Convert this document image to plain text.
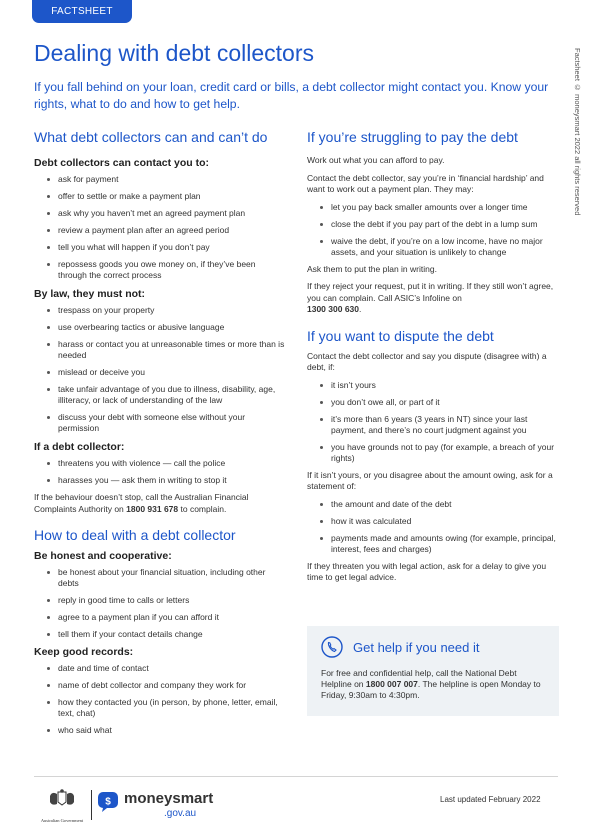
FACTSHEET
Factsheet © moneysmart 2022 all rights reserved
Dealing with debt collectors

If you fall behind on your loan, credit card or bills, a debt collector might contact you. Know your rights, what to do and how to get help.

What debt collectors can and can’t do
Debt collectors can contact you to:
ask for payment
offer to settle or make a payment plan
ask why you haven’t met an agreed payment plan
review a payment plan after an agreed period
tell you what will happen if you don’t pay
repossess goods you owe money on, if they’ve been through the correct process
By law, they must not:
trespass on your property
use overbearing tactics or abusive language
harass or contact you at unreasonable times or more than is needed
mislead or deceive you
take unfair advantage of you due to illness, disability, age, illiteracy, or lack of understanding of the law
discuss your debt with someone else without your permission
If a debt collector:
threatens you with violence — call the police
harasses you — ask them in writing to stop it

If the behaviour doesn’t stop, call the Australian Financial Complaints Authority on 1800 931 678 to complain.

How to deal with a debt collector
Be honest and cooperative:
be honest about your financial situation, including other debts
reply in good time to calls or letters
agree to a payment plan if you can afford it
tell them if your contact details change
Keep good records:
date and time of contact
name of debt collector and company they work for
how they contacted you (in person, by phone, letter, email, text, chat)
who said what
If you’re struggling to pay the debt

Work out what you can afford to pay.

Contact the debt collector, say you’re in ‘financial hardship’ and want to work out a payment plan. They may:

let you pay back smaller amounts over a longer time
close the debt if you pay part of the debt in a lump sum
waive the debt, if you’re on a low income, have no major assets, and your situation is unlikely to change

Ask them to put the plan in writing.

If they reject your request, put it in writing. If they still won’t agree, you can complain. Call ASIC’s Infoline on
1300 300 630.

If you want to dispute the debt

Contact the debt collector and say you dispute (disagree with) a debt, if:

it isn’t yours
you don’t owe all, or part of it
it’s more than 6 years (3 years in NT) since your last payment, and there’s no court judgment against you
you have grounds not to pay (for example, a breach of your rights)

If it isn’t yours, or you disagree about the amount owing, ask for a statement of:

the amount and date of the debt
how it was calculated
payments made and amounts owing (for example, principal, interest, fees and charges)

If they threaten you with legal action, ask for a delay to give you time to get legal advice.

Get help if you need it
For free and confidential help, call the National Debt Helpline on 1800 007 007. The helpline is open Monday to Friday, 9:30am to 4:30pm.
Australian Government
$ moneysmart
.gov.au
Last updated February 2022
